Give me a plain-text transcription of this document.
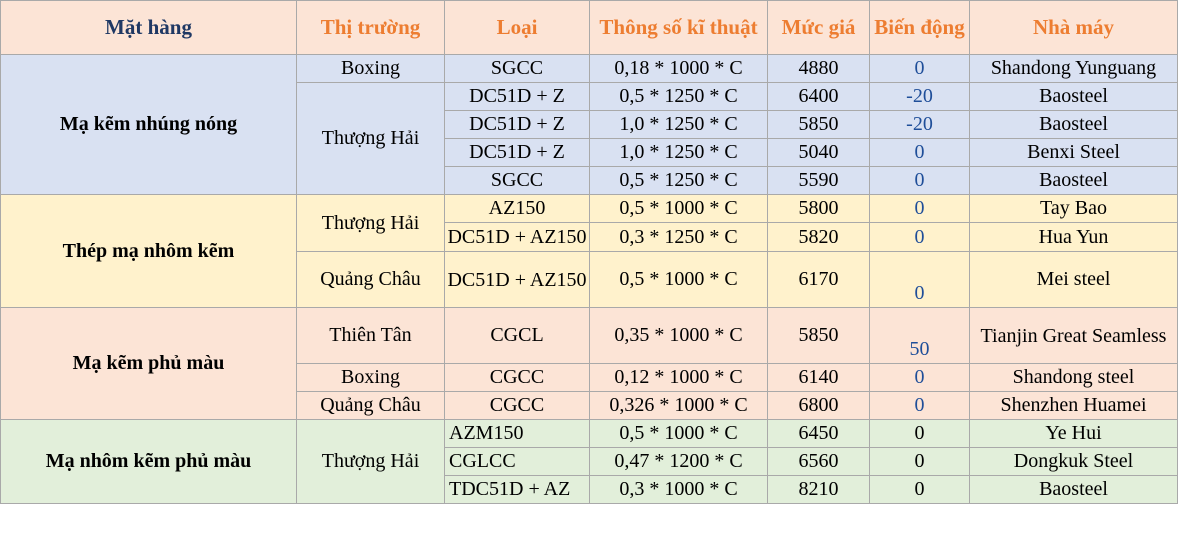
Mặt hàng	Thị trường	Loại	Thông số kĩ thuật	Mức giá	Biến động	Nhà máy
Mạ kẽm nhúng nóng	Boxing	SGCC	0,18 * 1000 * C	4880	0	Shandong Yunguang
	Thượng Hải	DC51D + Z	0,5 * 1250 * C	6400	-20	Baosteel
		DC51D + Z	1,0 * 1250 * C	5850	-20	Baosteel
		DC51D + Z	1,0 * 1250 * C	5040	0	Benxi Steel
		SGCC	0,5 * 1250 * C	5590	0	Baosteel
Thép mạ nhôm kẽm	Thượng Hải	AZ150	0,5 * 1000 * C	5800	0	Tay Bao
		DC51D + AZ150	0,3 * 1250 * C	5820	0	Hua Yun

	Quảng Châu	DC51D + AZ150	0,5 * 1000 * C	6170	0	Mei steel
Mạ kẽm phủ màu	Thiên Tân	CGCL	0,35 * 1000 * C	5850	50	Tianjin Great Seamless
	Boxing	CGCC	0,12 * 1000 * C	6140	0	Shandong steel
	Quảng Châu	CGCC	0,326 * 1000 * C	6800	0	Shenzhen Huamei
Mạ nhôm kẽm phủ màu	Thượng Hải	AZM150	0,5 * 1000 * C	6450	0	Ye Hui
		CGLCC	0,47 * 1200 * C	6560	0	Dongkuk Steel
		TDC51D + AZ	0,3 * 1000 * C	8210	0	Baosteel
